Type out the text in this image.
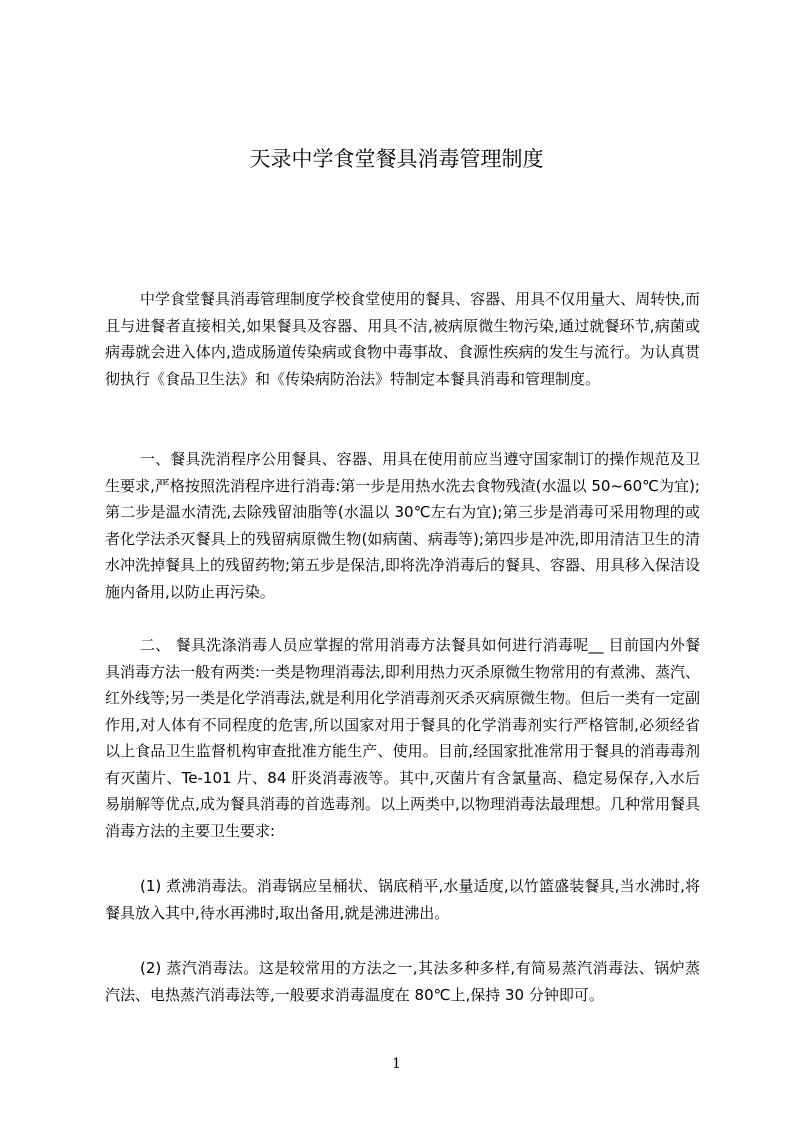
天录中学食堂餐具消毒管理制度

中学食堂餐具消毒管理制度学校食堂使用的餐具、容器、用具不仅用量大、周转快,而且与进餐者直接相关,如果餐具及容器、用具不洁,被病原微生物污染,通过就餐环节,病菌或病毒就会进入体内,造成肠道传染病或食物中毒事故、食源性疾病的发生与流行。为认真贯彻执行《食品卫生法》和《传染病防治法》特制定本餐具消毒和管理制度。

一、餐具洗消程序公用餐具、容器、用具在使用前应当遵守国家制订的操作规范及卫生要求,严格按照洗消程序进行消毒:第一步是用热水洗去食物残渣(水温以 50~60℃为宜);第二步是温水清洗,去除残留油脂等(水温以 30℃左右为宜);第三步是消毒可采用物理的或者化学法杀灭餐具上的残留病原微生物(如病菌、病毒等);第四步是冲洗,即用清洁卫生的清水冲洗掉餐具上的残留药物;第五步是保洁,即将洗净消毒后的餐具、容器、用具移入保洁设施内备用,以防止再污染。

二、 餐具洗涤消毒人员应掌握的常用消毒方法餐具如何进行消毒呢__ 目前国内外餐具消毒方法一般有两类:一类是物理消毒法,即利用热力灭杀原微生物常用的有煮沸、蒸汽、红外线等;另一类是化学消毒法,就是利用化学消毒剂灭杀灭病原微生物。但后一类有一定副作用,对人体有不同程度的危害,所以国家对用于餐具的化学消毒剂实行严格管制,必须经省以上食品卫生监督机构审查批准方能生产、使用。目前,经国家批准常用于餐具的消毒毒剂有灭菌片、Te-101 片、84 肝炎消毒液等。其中,灭菌片有含氯量高、稳定易保存,入水后易崩解等优点,成为餐具消毒的首选毒剂。以上两类中,以物理消毒法最理想。几种常用餐具消毒方法的主要卫生要求:

(1) 煮沸消毒法。消毒锅应呈桶状、锅底稍平,水量适度,以竹篮盛装餐具,当水沸时,将餐具放入其中,待水再沸时,取出备用,就是沸进沸出。

(2) 蒸汽消毒法。这是较常用的方法之一,其法多种多样,有简易蒸汽消毒法、锅炉蒸汽法、电热蒸汽消毒法等,一般要求消毒温度在 80℃上,保持 30 分钟即可。

1
